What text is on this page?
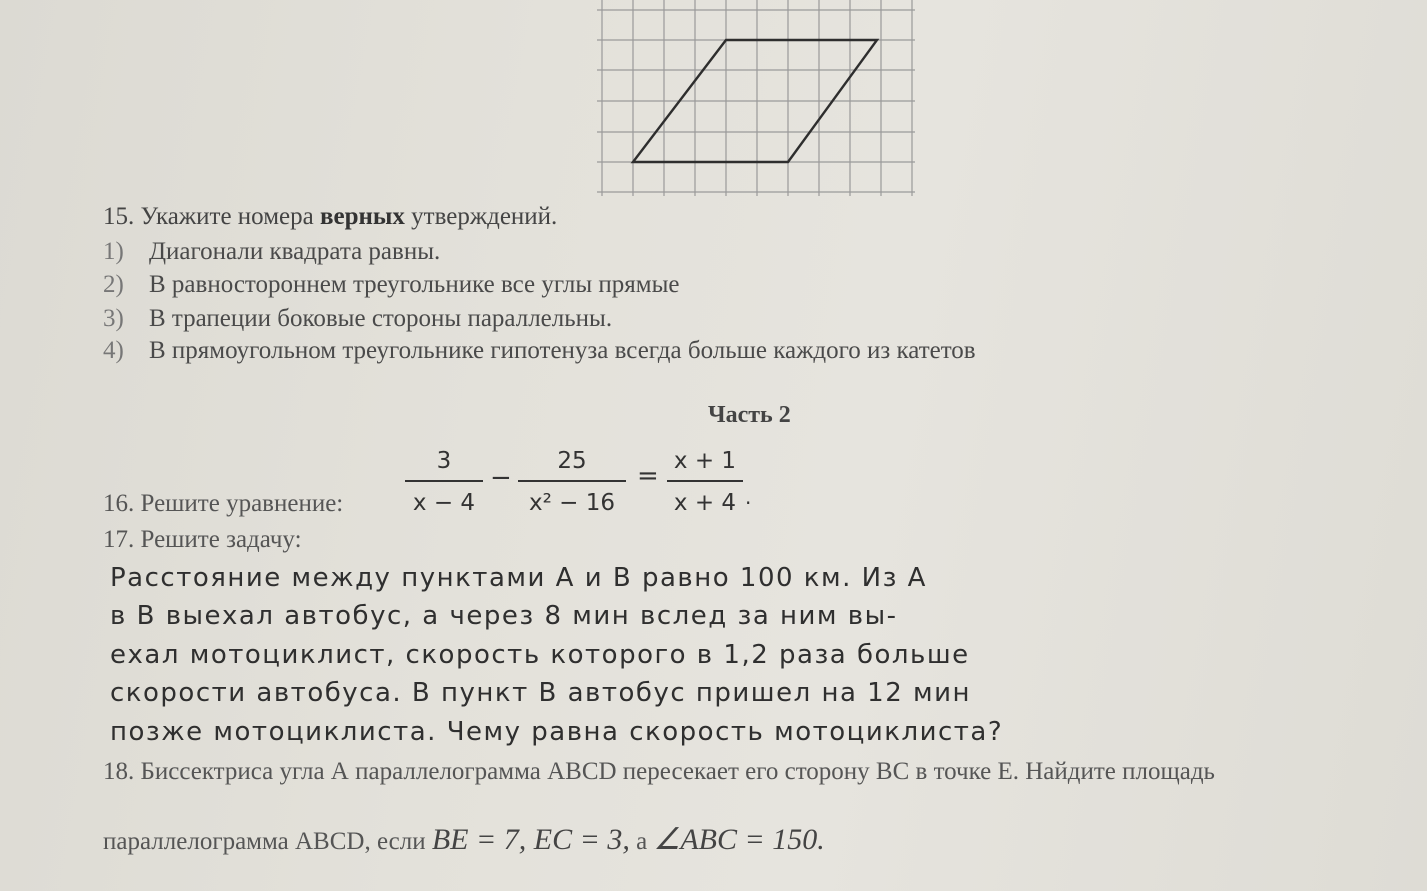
15. Укажите номера верных утверждений.
1) Диагонали квадрата равны.
2) В равностороннем треугольнике все углы прямые
3) В трапеции боковые стороны параллельны.
4) В прямоугольном треугольнике гипотенуза всегда больше каждого из катетов
Часть 2
16. Решите уравнение:	$\frac{3}{x - 4} - \frac{25}{\text{x² − 16}} = \frac{x + 1}{x + 4}$ .
17. Решите задачу:
Расстояние между пунктами А и В равно 100 км. Из А
в В выехал автобус, а через 8 мин вслед за ним вы-
ехал мотоциклист, скорость которого в 1,2 раза больше
скорости автобуса. В пункт В автобус пришел на 12 мин
позже мотоциклиста. Чему равна скорость мотоциклиста?
18. Биссектриса угла А параллелограмма ABCD пересекает его сторону BC в точке E. Найдите площадь
параллелограмма ABCD, если BE = 7, EC = 3, а ∠ABC = 150.
